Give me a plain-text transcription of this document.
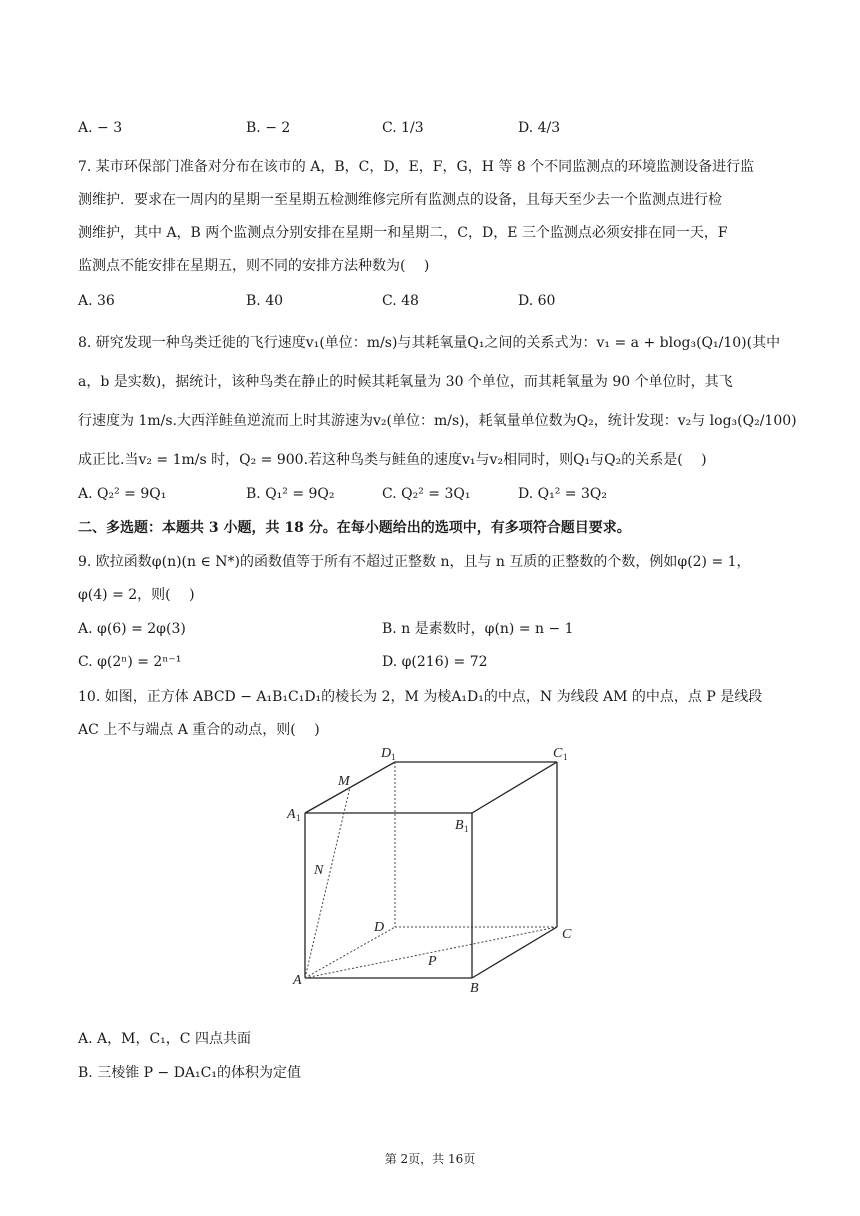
A. − 3	B. − 2	C. 1/3	D. 4/3
7. 某市环保部门准备对分布在该市的 A，B，C，D，E，F，G，H 等 8 个不同监测点的环境监测设备进行监
测维护．要求在一周内的星期一至星期五检测维修完所有监测点的设备，且每天至少去一个监测点进行检
测维护，其中 A，B 两个监测点分别安排在星期一和星期二，C，D，E 三个监测点必须安排在同一天，F
监测点不能安排在星期五，则不同的安排方法种数为(　 )
A. 36	B. 40	C. 48	D. 60
8. 研究发现一种鸟类迁徙的飞行速度v₁(单位：m/s)与其耗氧量Q₁之间的关系式为：v₁ = a + blog₃(Q₁/10)(其中
a，b 是实数)，据统计，该种鸟类在静止的时候其耗氧量为 30 个单位，而其耗氧量为 90 个单位时，其飞
行速度为 1m/s.大西洋鲑鱼逆流而上时其游速为v₂(单位：m/s)，耗氧量单位数为Q₂，统计发现：v₂与 log₃(Q₂/100)
成正比.当v₂ = 1m/s 时，Q₂ = 900.若这种鸟类与鲑鱼的速度v₁与v₂相同时，则Q₁与Q₂的关系是(　 )
A. Q₂² = 9Q₁	B. Q₁² = 9Q₂	C. Q₂² = 3Q₁	D. Q₁² = 3Q₂
二、多选题：本题共 3 小题，共 18 分。在每小题给出的选项中，有多项符合题目要求。
9. 欧拉函数φ(n)(n ∈ N*)的函数值等于所有不超过正整数 n，且与 n 互质的正整数的个数，例如φ(2) = 1，
φ(4) = 2，则(　 )
A. φ(6) = 2φ(3)	B. n 是素数时，φ(n) = n − 1
C. φ(2ⁿ) = 2ⁿ⁻¹	D. φ(216) = 72
10. 如图，正方体 ABCD − A₁B₁C₁D₁的棱长为 2，M 为棱A₁D₁的中点，N 为线段 AM 的中点，点 P 是线段
AC 上不与端点 A 重合的动点，则(　 )
A
B
C
D
A 1	B 1
C 1
D 1
M
N
P
A. A，M，C₁，C 四点共面
B. 三棱锥 P − DA₁C₁的体积为定值
第 2页，共 16页
